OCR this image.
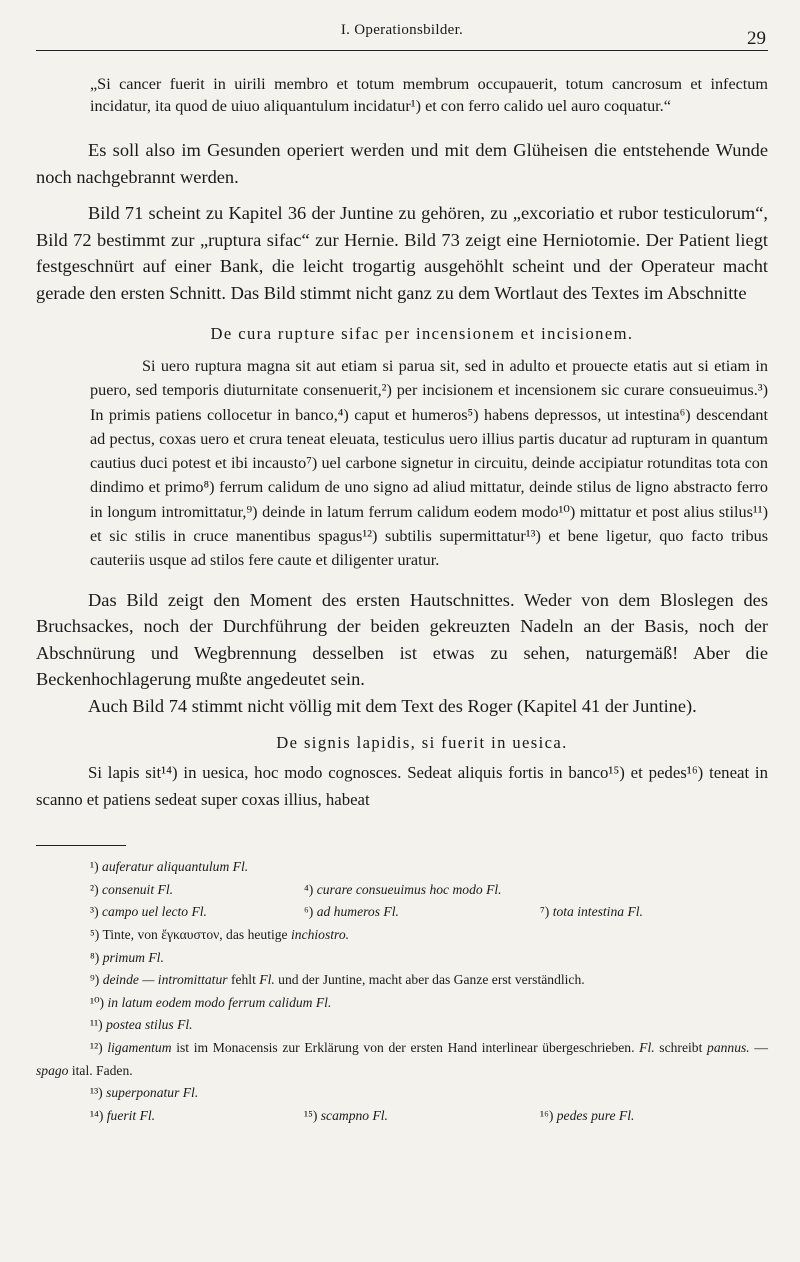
I. Operationsbilder.	29

„Si cancer fuerit in uirili membro et totum membrum occupauerit, totum cancrosum et infectum incidatur, ita quod de uiuo aliquantulum incidatur¹) et con ferro calido uel auro coquatur.“

Es soll also im Gesunden operiert werden und mit dem Glüheisen die entstehende Wunde noch nachgebrannt werden.

Bild 71 scheint zu Kapitel 36 der Juntine zu gehören, zu „excoriatio et rubor testiculorum“, Bild 72 bestimmt zur „ruptura sifac“ zur Hernie. Bild 73 zeigt eine Herniotomie. Der Patient liegt festgeschnürt auf einer Bank, die leicht trogartig ausgehöhlt scheint und der Operateur macht gerade den ersten Schnitt. Das Bild stimmt nicht ganz zu dem Wortlaut des Textes im Abschnitte

De cura rupture sifac per incensionem et incisionem.

Si uero ruptura magna sit aut etiam si parua sit, sed in adulto et prouecte etatis aut si etiam in puero, sed temporis diuturnitate consenuerit,²) per incisionem et incensionem sic curare consueuimus.³) In primis patiens collocetur in banco,⁴) caput et humeros⁵) habens depressos, ut intestina⁶) descendant ad pectus, coxas uero et crura teneat eleuata, testiculus uero illius partis ducatur ad rupturam in quantum cautius duci potest et ibi incausto⁷) uel carbone signetur in circuitu, deinde accipiatur rotunditas tota con dindimo et primo⁸) ferrum calidum de uno signo ad aliud mittatur, deinde stilus de ligno abstracto ferro in longum intromittatur,⁹) deinde in latum ferrum calidum eodem modo¹⁰) mittatur et post alius stilus¹¹) et sic stilis in cruce manentibus spagus¹²) subtilis supermittatur¹³) et bene ligetur, quo facto tribus cauteriis usque ad stilos fere caute et diligenter uratur.

Das Bild zeigt den Moment des ersten Hautschnittes. Weder von dem Bloslegen des Bruchsackes, noch der Durchführung der beiden gekreuzten Nadeln an der Basis, noch der Abschnürung und Wegbrennung desselben ist etwas zu sehen, naturgemäß! Aber die Beckenhochlagerung mußte angedeutet sein.

Auch Bild 74 stimmt nicht völlig mit dem Text des Roger (Kapitel 41 der Juntine).

De signis lapidis, si fuerit in uesica.

Si lapis sit¹⁴) in uesica, hoc modo cognosces. Sedeat aliquis fortis in banco¹⁵) et pedes¹⁶) teneat in scanno et patiens sedeat super coxas illius, habeat

¹) auferatur aliquantulum Fl.
²) consenuit Fl.	⁴) curare consueuimus hoc modo Fl.
³) campo uel lecto Fl.	⁶) ad humeros Fl.	⁷) tota intestina Fl.
⁵) Tinte, von ἔγκαυστον, das heutige inchiostro.
⁸) primum Fl.
⁹) deinde — intromittatur fehlt Fl. und der Juntine, macht aber das Ganze erst verständlich.
¹⁰) in latum eodem modo ferrum calidum Fl.
¹¹) postea stilus Fl.
¹²) ligamentum ist im Monacensis zur Erklärung von der ersten Hand interlinear übergeschrieben. Fl. schreibt pannus. — spago ital. Faden.
¹³) superponatur Fl.
¹⁴) fuerit Fl.	¹⁵) scampno Fl.	¹⁶) pedes pure Fl.
